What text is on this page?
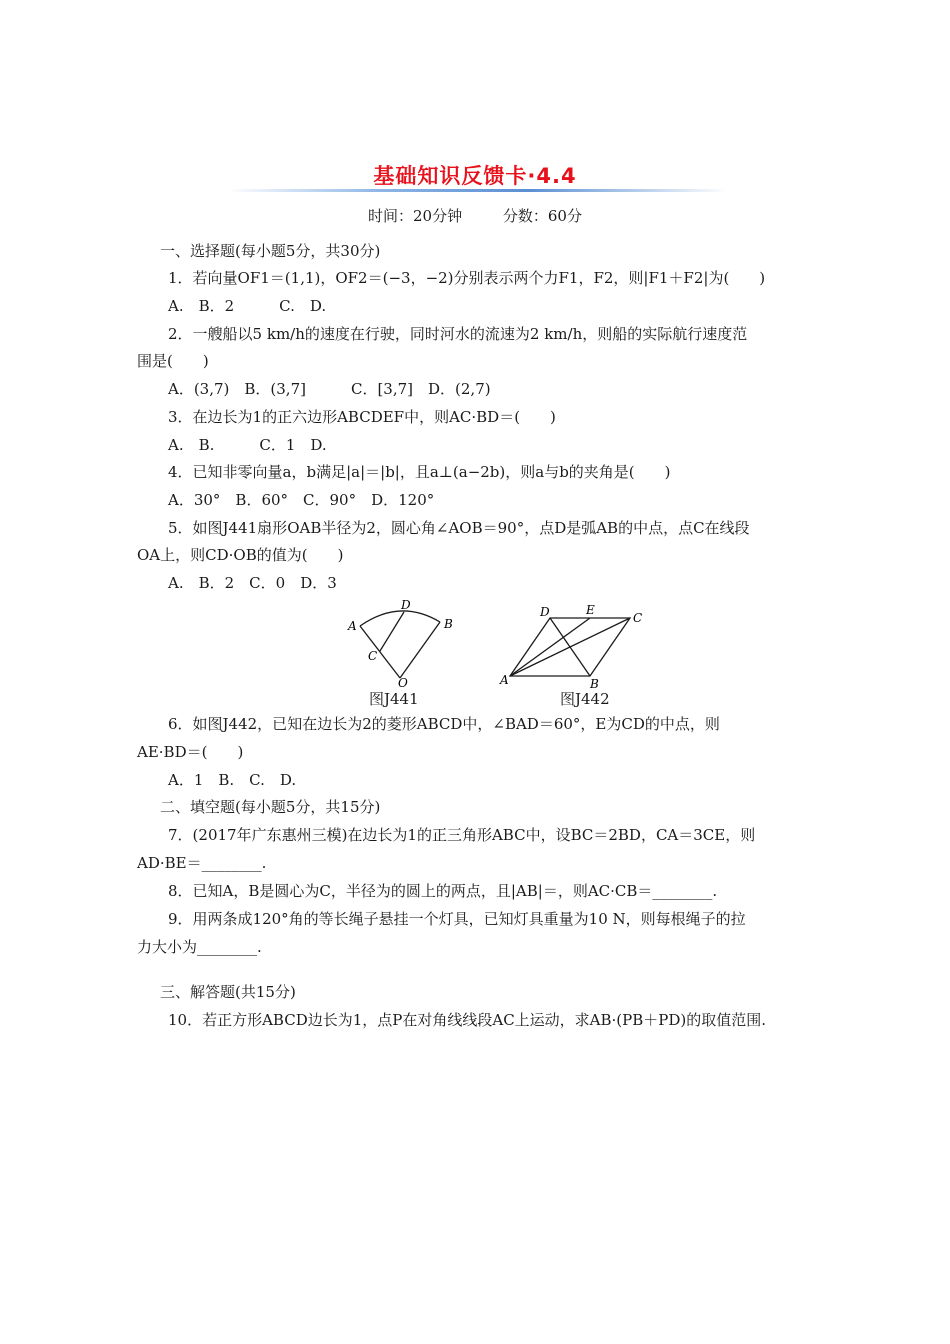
基础知识反馈卡·4.4
时间：20分钟	分数：60分
一、选择题(每小题5分，共30分)
1．若向量OF1＝(1,1)，OF2＝(−3，−2)分别表示两个力F1，F2，则|F1＋F2|为(　　)
A.　B．2　　　C.　D.
2．一艘船以5 km/h的速度在行驶，同时河水的流速为2 km/h，则船的实际航行速度范
围是(　　)
A．(3,7)　B．(3,7]　　　C．[3,7]　D．(2,7)
3．在边长为1的正六边形ABCDEF中，则AC·BD＝(　　)
A.　B.　　　C．1　D.
4．已知非零向量a，b满足|a|＝|b|，且a⊥(a−2b)，则a与b的夹角是(　　)
A．30°　B．60°　C．90°　D．120°
5．如图J441扇形OAB半径为2，圆心角∠AOB＝90°，点D是弧AB的中点，点C在线段
OA上，则CD·OB的值为(　　)
A.　B．2　C．0　D．3
A
D
B
C
O
D	E
C
A	B
图J441	图J442
6．如图J442，已知在边长为2的菱形ABCD中，∠BAD＝60°，E为CD的中点，则
AE·BD＝(　　)
A．1　B.　C.　D.
二、填空题(每小题5分，共15分)
7．(2017年广东惠州三模)在边长为1的正三角形ABC中，设BC＝2BD，CA＝3CE，则
AD·BE＝________.
8．已知A，B是圆心为C，半径为的圆上的两点，且|AB|＝，则AC·CB＝________.
9．用两条成120°角的等长绳子悬挂一个灯具，已知灯具重量为10 N，则每根绳子的拉
力大小为________.
三、解答题(共15分)
10．若正方形ABCD边长为1，点P在对角线线段AC上运动，求AB·(PB＋PD)的取值范围.
